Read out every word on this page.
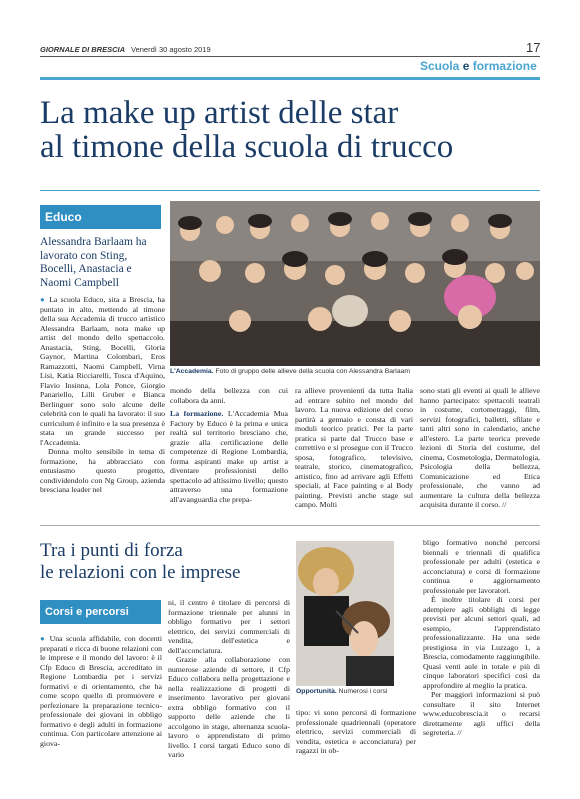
GIORNALE DI BRESCIA Venerdì 30 agosto 2019	17
Scuola e formazione
La make up artist delle star
al timone della scuola di trucco
Educo
Alessandra Barlaam ha lavorato con Sting, Bocelli, Anastacia e Naomi Campbell
● La scuola Educo, sita a Brescia, ha puntato in alto, mettendo al timone della sua Accademia di trucco artistico Alessandra Barlaam, nota make up artist del mondo dello spettaccolo. Anastacia, Sting, Bocelli, Gloria Gaynor, Martina Colombari, Eros Ramazzotti, Naomi Campbell, Virna Lisi, Katia Ricciarelli, Tosca d'Aquino, Flavio Insinna, Lola Ponce, Giorgio Panariello, Lilli Gruber e Bianca Berlinguer sono solo alcune delle celebrità con le quali ha lavorato: il suo curriculum è infinito e la sua presenza è stata un grande successo per l'Accademia.
Donna molto sensibile in tema di formazione, ha abbracciato con entusiasmo questo progetto, condividendolo con Ng Group, azienda bresciana leader nel
L'Accademia. Foto di gruppo delle allieve della scuola con Alessandra Barlaam
mondo della bellezza con cui collabora da anni.
La formazione. L'Accademia Mua Factory by Educo è la prima e unica realtà sul territorio bresciano che, grazie alla certificazione delle competenze di Regione Lombardia, forma aspiranti make up artist a diventare professionisti dello spettacolo ad altissimo livello; questo attraverso una formazione all'avanguardia che prepa-
ra allieve provenienti da tutta Italia ad entrare subito nel mondo del lavoro. La nuova edizione del corso partirà a gennaio e consta di vari moduli teorico pratici. Per la parte pratica si parte dal Trucco base e correttivo e si prosegue con il Trucco sposa, fotografico, televisivo, teatrale, storico, cinematografico, artistico, fino ad arrivare agli Effetti speciali, al Face painting e al Body painting. Previsti anche stage sul campo. Molti
sono stati gli eventi ai quali le allieve hanno partecipato: spettacoli teatrali in costume, cortometraggi, film, servizi fotografici, balletti, sfilate e tanti altri sono in calendario, anche all'estero. La parte teorica prevede lezioni di Storia del costume, del cinema, Cosmetologia, Dermatologia, Psicologia della bellezza, Comunicazione ed Etica professionale, che vanno ad aumentare la cultura della bellezza acquisita durante il corso. //
Tra i punti di forza
le relazioni con le imprese
Corsi e percorsi
● Una scuola affidabile, con docenti preparati e ricca di buone relazioni con le imprese e il mondo del lavoro: è il Cfp Educo di Brescia, accreditato in Regione Lombardia per i servizi formativi e di orientamento, che ha come scopo quello di promuovere e perfezionare la preparazione tecnico-professionale dei giovani in obbligo formativo e degli adulti in formazione continua. Con particolare attenzione ai giova-
ni, il centro è titolare di percorsi di formazione triennale per alunni in obbligo formativo per i settori elettrico, dei servizi commerciali di vendita, dell'estetica e dell'acconciatura.
Grazie alla collaborazione con numerose aziende di settore, il Cfp Educo collabora nella progettazione e nella realizzazione di progetti di inserimento lavorativo per giovani extra obbligo formativo con il supporto delle aziende che li accolgono in stage, alternanza scuola-lavoro o apprendistato di primo livello. I corsi targati Educo sono di vario
Opportunità. Numerosi i corsi
tipo: vi sono percorsi di formazione professionale quadriennali (operatore elettrico, servizi commerciali di vendita, estetica e acconciatura) per ragazzi in ob-
bligo formativo nonché percorsi biennali e triennali di qualifica professionale per adulti (estetica e acconciatura) e corsi di formazione continua e aggiornamento professionale per lavoratori.
È inoltre titolare di corsi per adempiere agli obblighi di legge previsti per alcuni settori quali, ad esempio, l'apprendistato professionalizzante. Ha una sede prestigiosa in via Luzzago 1, a Brescia, comodamente raggiungibile. Quasi venti aule in totale e più di cinque laboratori specifici così da approfondire al meglio la pratica.
Per maggiori informazioni si può consultare il sito Internet www.educobrescia.it o recarsi direttamente agli uffici della segreteria. //
